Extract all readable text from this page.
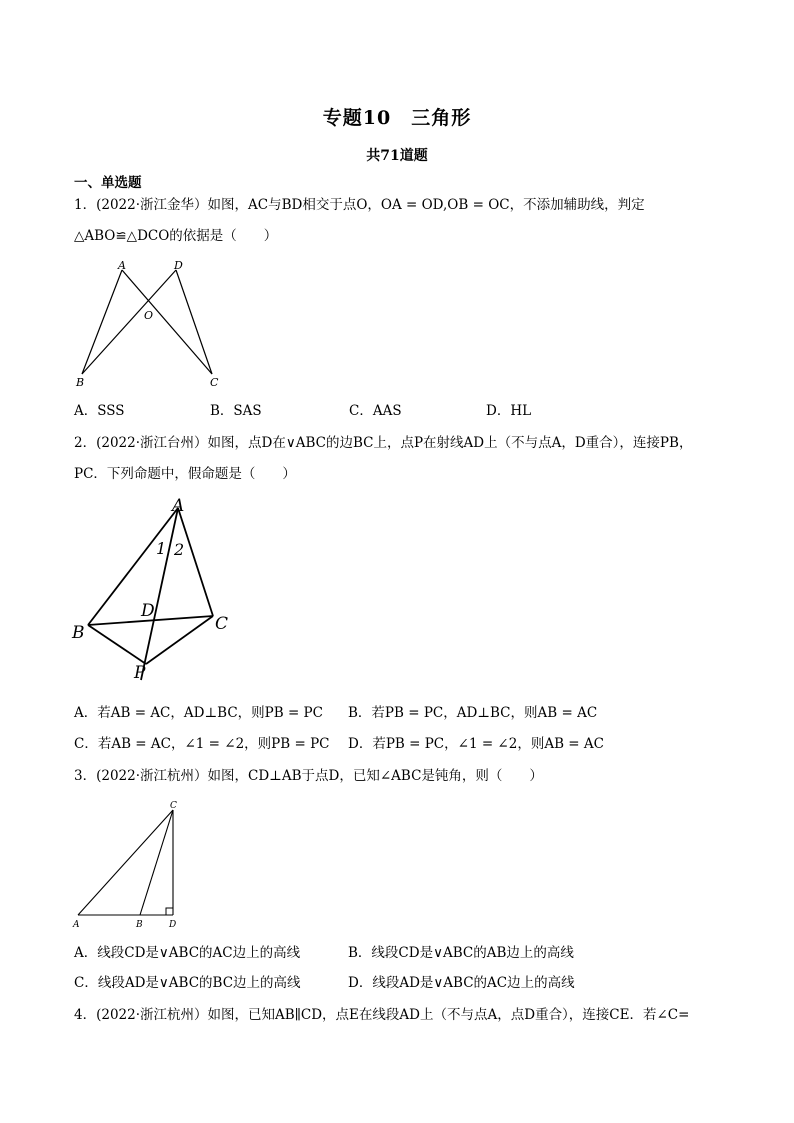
专题10　三角形
共71道题
一、单选题
1．(2022·浙江金华）如图，AC与BD相交于点O，OA = OD,OB = OC，不添加辅助线，判定
△ABO≌△DCO的依据是（　　）
A	D
O
B	C
A．SSS	B．SAS	C．AAS	D．HL
2．(2022·浙江台州）如图，点D在∨ABC的边BC上，点P在射线AD上（不与点A，D重合），连接PB，
PC．下列命题中，假命题是（　　）
A
1 2
D
B	C
P
A．若AB = AC，AD⊥BC，则PB = PC B．若PB = PC，AD⊥BC，则AB = AC
C．若AB = AC，∠1 = ∠2，则PB = PC D．若PB = PC，∠1 = ∠2，则AB = AC
3．(2022·浙江杭州）如图，CD⊥AB于点D，已知∠ABC是钝角，则（　　）
C
A	B	D
A．线段CD是∨ABC的AC边上的高线	B．线段CD是∨ABC的AB边上的高线
C．线段AD是∨ABC的BC边上的高线	D．线段AD是∨ABC的AC边上的高线
4．(2022·浙江杭州）如图，已知AB∥CD，点E在线段AD上（不与点A，点D重合），连接CE．若∠C=
